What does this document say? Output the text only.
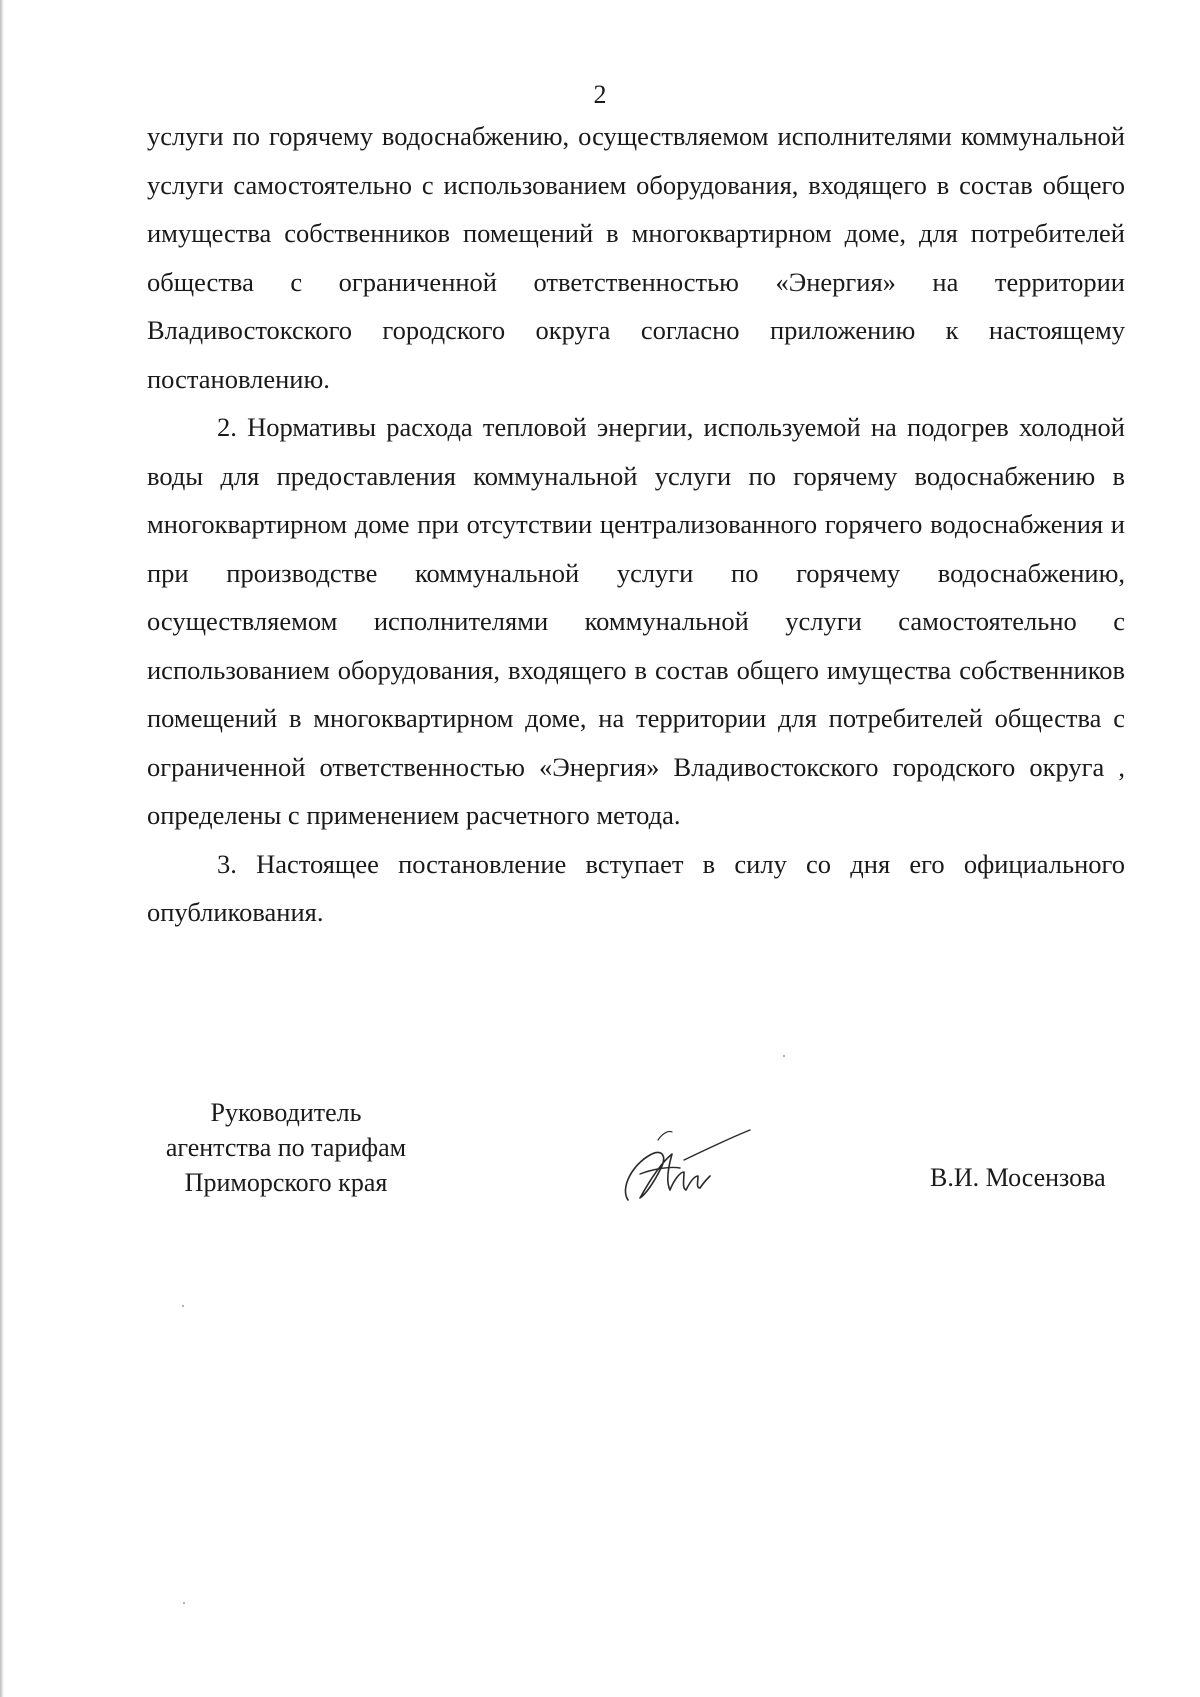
2

услуги по горячему водоснабжению, осуществляемом исполнителями коммунальной услуги самостоятельно с использованием оборудования, входящего в состав общего имущества собственников помещений в многоквартирном доме, для потребителей общества с ограниченной ответственностью «Энергия» на территории Владивостокского городского округа согласно приложению к настоящему постановлению.

2. Нормативы расхода тепловой энергии, используемой на подогрев холодной воды для предоставления коммунальной услуги по горячему водоснабжению в многоквартирном доме при отсутствии централизованного горячего водоснабжения и при производстве коммунальной услуги по горячему водоснабжению, осуществляемом исполнителями коммунальной услуги самостоятельно с использованием оборудования, входящего в состав общего имущества собственников помещений в многоквартирном доме, на территории для потребителей общества с ограниченной ответственностью «Энергия» Владивостокского городского округа , определены с применением расчетного метода.

3. Настоящее постановление вступает в силу со дня его официального опубликования.

Руководитель
агентства по тарифам
Приморского края	В.И. Мосензова
